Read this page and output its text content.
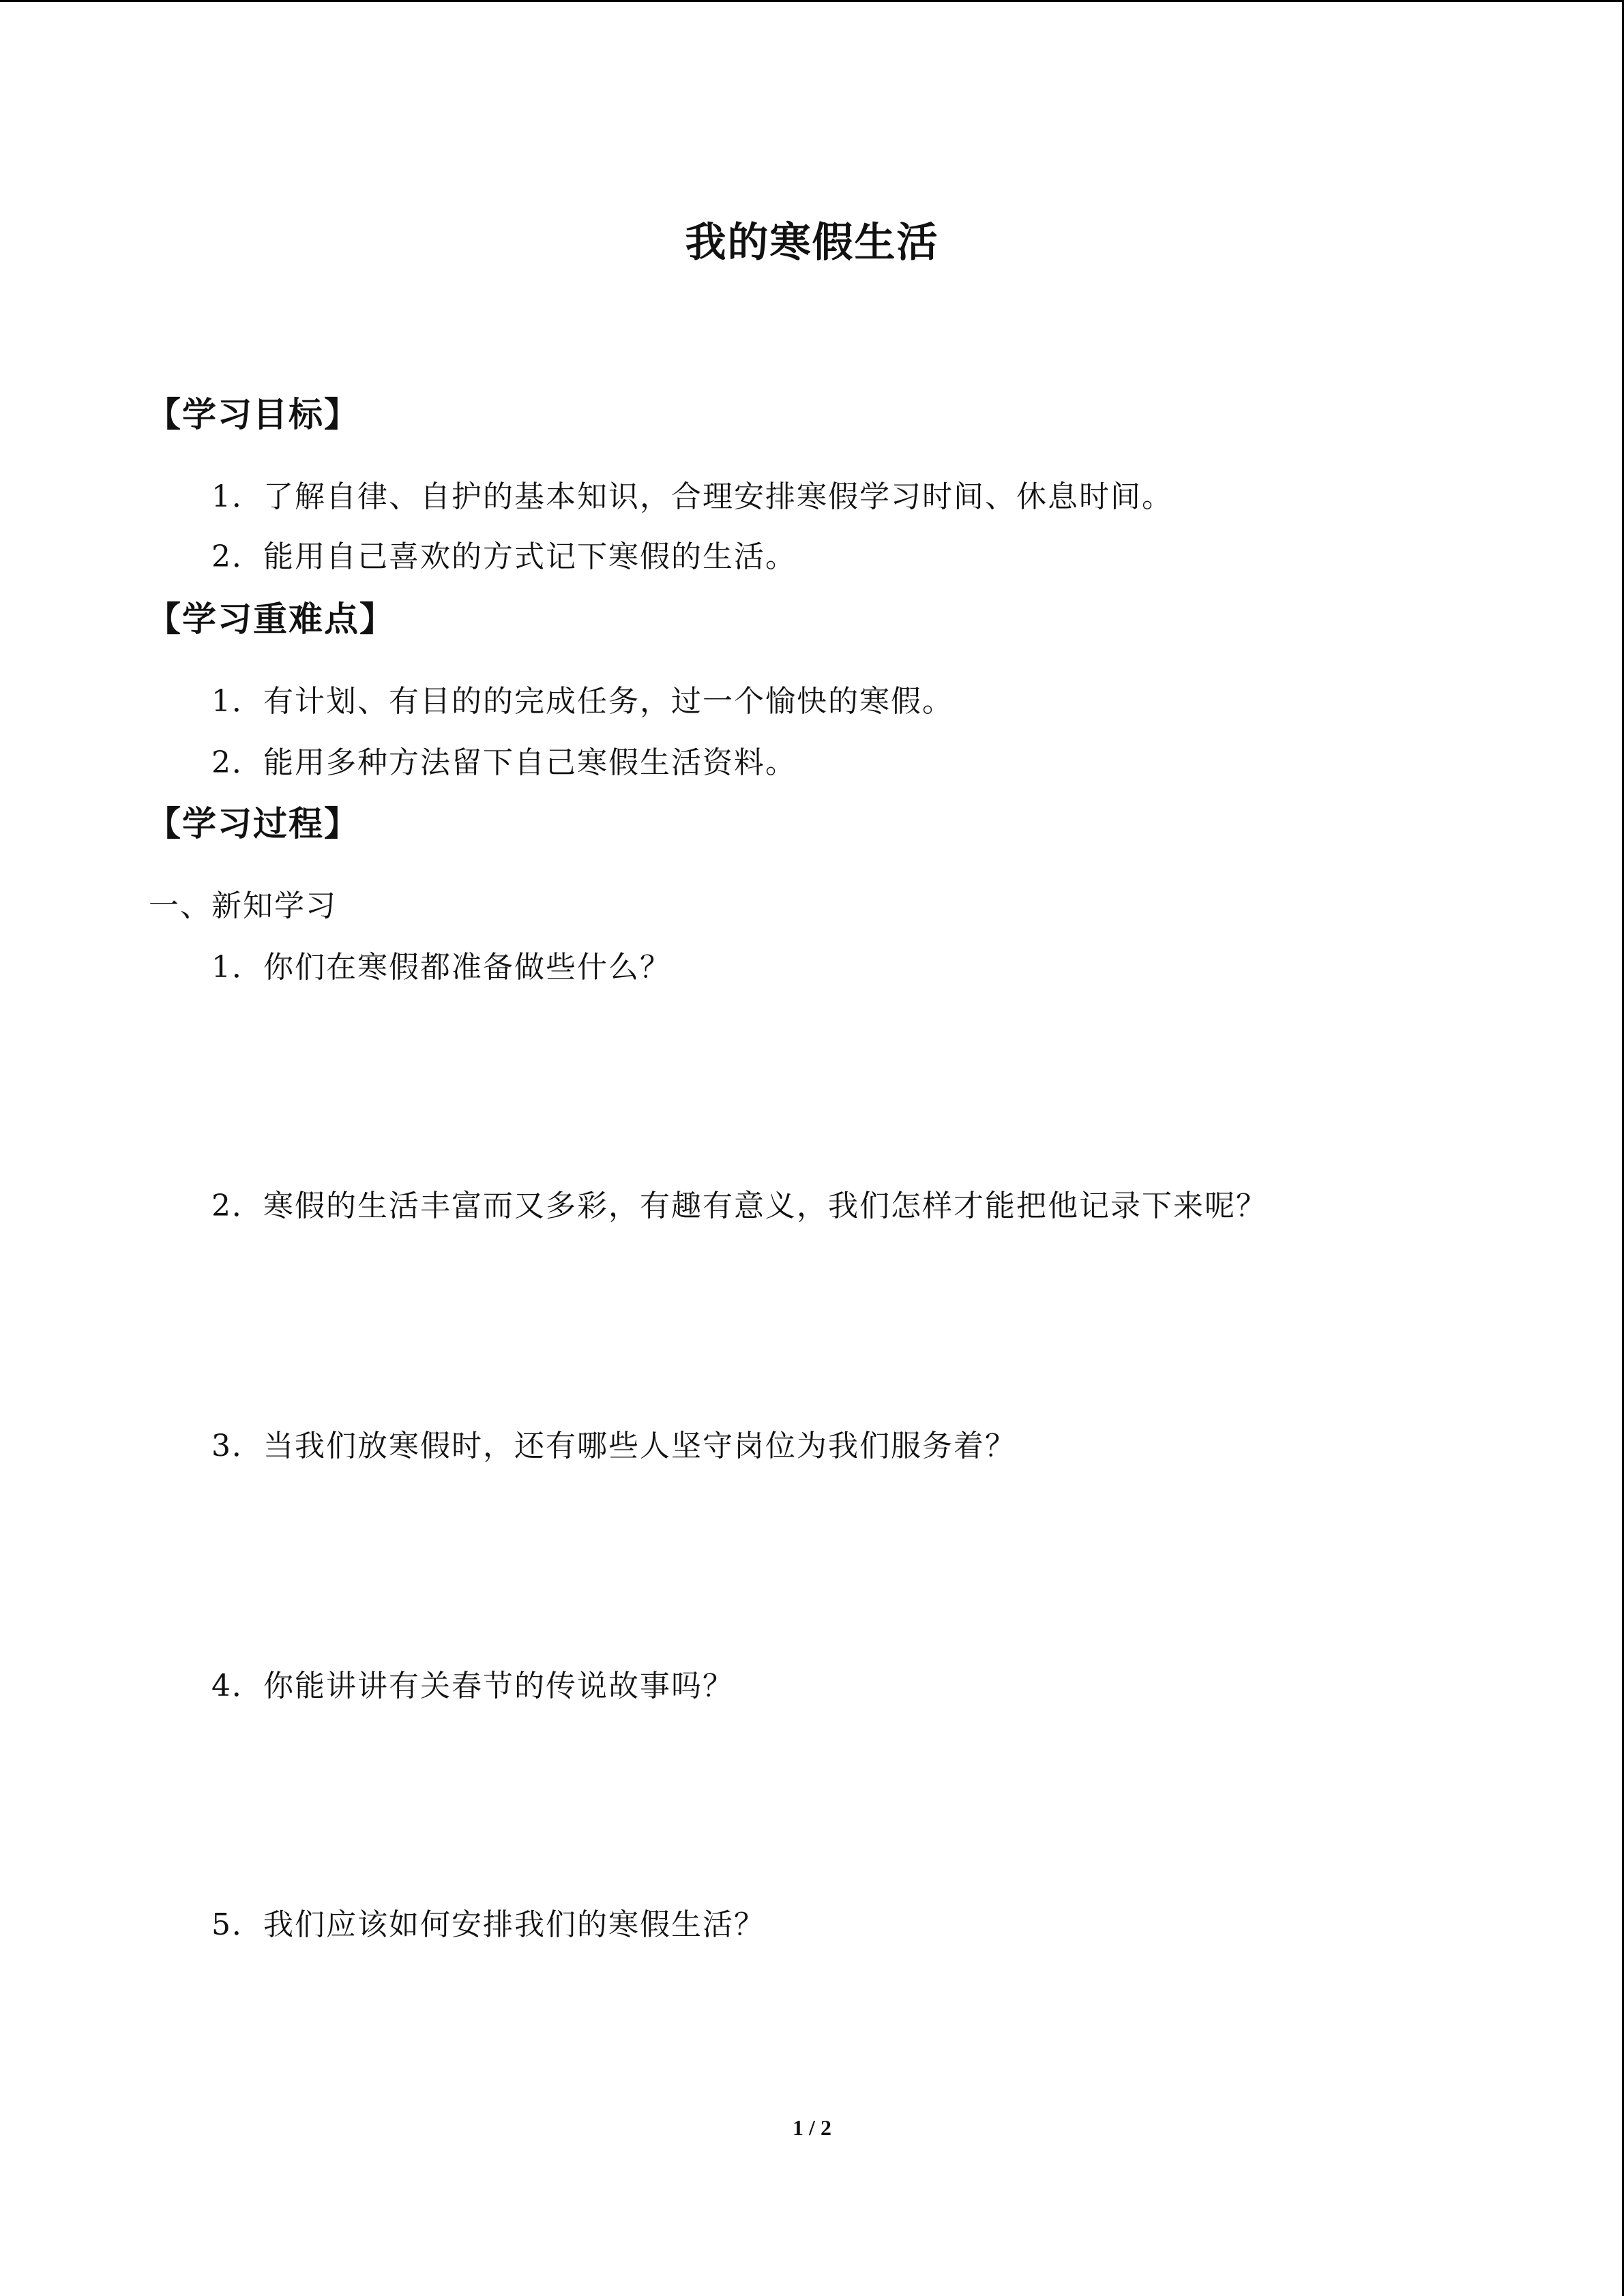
我的寒假生活
【学习目标】
1．了解自律、自护的基本知识，合理安排寒假学习时间、休息时间。
2．能用自己喜欢的方式记下寒假的生活。
【学习重难点】
1．有计划、有目的的完成任务，过一个愉快的寒假。
2．能用多种方法留下自己寒假生活资料。
【学习过程】
一、新知学习
1．你们在寒假都准备做些什么？
2．寒假的生活丰富而又多彩，有趣有意义，我们怎样才能把他记录下来呢？
3．当我们放寒假时，还有哪些人坚守岗位为我们服务着？
4．你能讲讲有关春节的传说故事吗？
5．我们应该如何安排我们的寒假生活？
1 / 2
